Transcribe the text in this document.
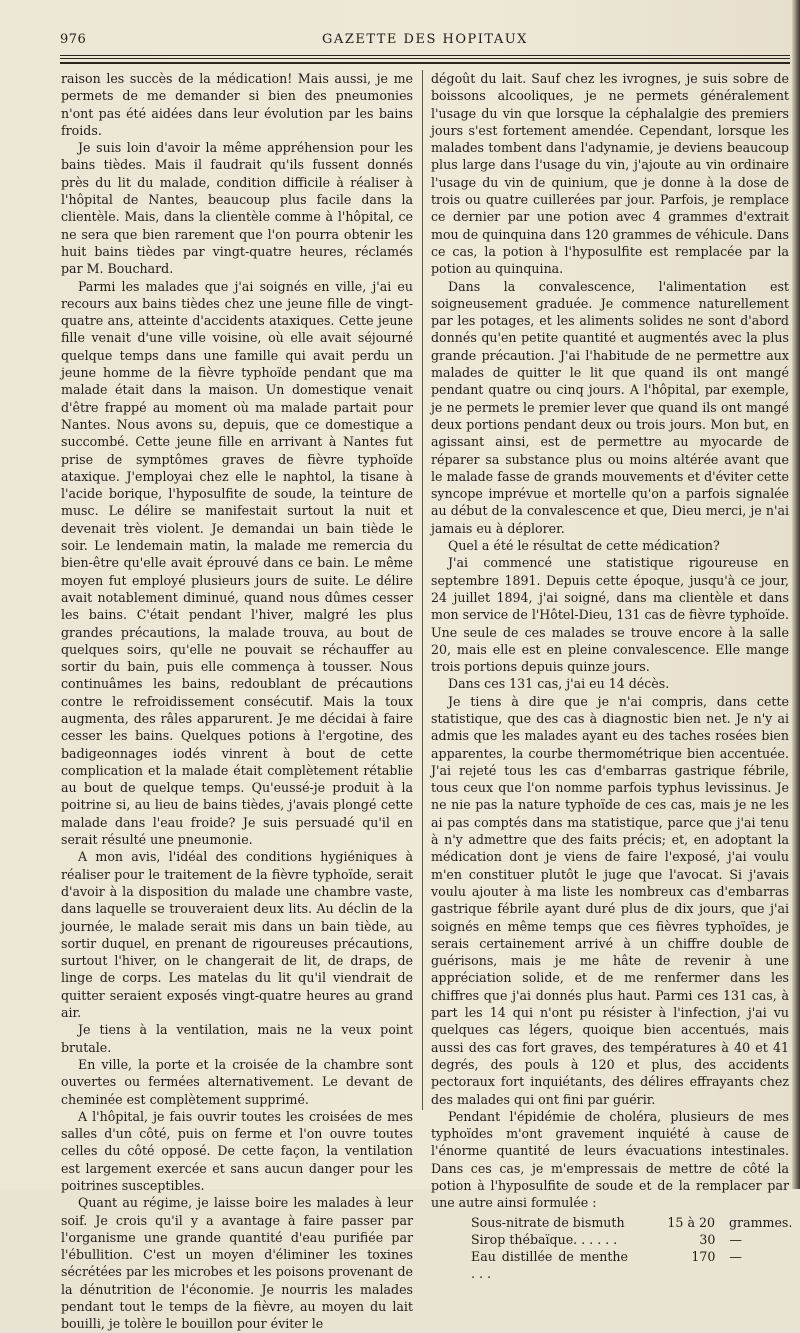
976	GAZETTE DES HOPITAUX

raison les succès de la médication! Mais aussi, je me permets de me demander si bien des pneumonies n'ont pas été aidées dans leur évolution par les bains froids.

Je suis loin d'avoir la même appréhension pour les bains tièdes. Mais il faudrait qu'ils fussent donnés près du lit du malade, condition difficile à réaliser à l'hôpital de Nantes, beaucoup plus facile dans la clientèle. Mais, dans la clientèle comme à l'hôpital, ce ne sera que bien rarement que l'on pourra obtenir les huit bains tièdes par vingt-quatre heures, réclamés par M. Bouchard.

Parmi les malades que j'ai soignés en ville, j'ai eu recours aux bains tièdes chez une jeune fille de vingt-quatre ans, atteinte d'accidents ataxiques. Cette jeune fille venait d'une ville voisine, où elle avait séjourné quelque temps dans une famille qui avait perdu un jeune homme de la fièvre typhoïde pendant que ma malade était dans la maison. Un domestique venait d'être frappé au moment où ma malade partait pour Nantes. Nous avons su, depuis, que ce domestique a succombé. Cette jeune fille en arrivant à Nantes fut prise de symptômes graves de fièvre typhoïde ataxique. J'employai chez elle le naphtol, la tisane à l'acide borique, l'hyposulfite de soude, la teinture de musc. Le délire se manifestait surtout la nuit et devenait très violent. Je demandai un bain tiède le soir. Le lendemain matin, la malade me remercia du bien-être qu'elle avait éprouvé dans ce bain. Le même moyen fut employé plusieurs jours de suite. Le délire avait notablement diminué, quand nous dûmes cesser les bains. C'était pendant l'hiver, malgré les plus grandes précautions, la malade trouva, au bout de quelques soirs, qu'elle ne pouvait se réchauffer au sortir du bain, puis elle commença à tousser. Nous continuâmes les bains, redoublant de précautions contre le refroidissement consécutif. Mais la toux augmenta, des râles apparurent. Je me décidai à faire cesser les bains. Quelques potions à l'ergotine, des badigeonnages iodés vinrent à bout de cette complication et la malade était complètement rétablie au bout de quelque temps. Qu'eussé-je produit à la poitrine si, au lieu de bains tièdes, j'avais plongé cette malade dans l'eau froide? Je suis persuadé qu'il en serait résulté une pneumonie.

A mon avis, l'idéal des conditions hygiéniques à réaliser pour le traitement de la fièvre typhoïde, serait d'avoir à la disposition du malade une chambre vaste, dans laquelle se trouveraient deux lits. Au déclin de la journée, le malade serait mis dans un bain tiède, au sortir duquel, en prenant de rigoureuses précautions, surtout l'hiver, on le changerait de lit, de draps, de linge de corps. Les matelas du lit qu'il viendrait de quitter seraient exposés vingt-quatre heures au grand air.

Je tiens à la ventilation, mais ne la veux point brutale.

En ville, la porte et la croisée de la chambre sont ouvertes ou fermées alternativement. Le devant de cheminée est complètement supprimé.

A l'hôpital, je fais ouvrir toutes les croisées de mes salles d'un côté, puis on ferme et l'on ouvre toutes celles du côté opposé. De cette façon, la ventilation est largement exercée et sans aucun danger pour les poitrines susceptibles.

Quant au régime, je laisse boire les malades à leur soif. Je crois qu'il y a avantage à faire passer par l'organisme une grande quantité d'eau purifiée par l'ébullition. C'est un moyen d'éliminer les toxines sécrétées par les microbes et les poisons provenant de la dénutrition de l'économie. Je nourris les malades pendant tout le temps de la fièvre, au moyen du lait bouilli, je tolère le bouillon pour éviter le

dégoût du lait. Sauf chez les ivrognes, je suis sobre de boissons alcooliques, je ne permets généralement l'usage du vin que lorsque la céphalalgie des premiers jours s'est fortement amendée. Cependant, lorsque les malades tombent dans l'adynamie, je deviens beaucoup plus large dans l'usage du vin, j'ajoute au vin ordinaire l'usage du vin de quinium, que je donne à la dose de trois ou quatre cuillerées par jour. Parfois, je remplace ce dernier par une potion avec 4 grammes d'extrait mou de quinquina dans 120 grammes de véhicule. Dans ce cas, la potion à l'hyposulfite est remplacée par la potion au quinquina.

Dans la convalescence, l'alimentation est soigneusement graduée. Je commence naturellement par les potages, et les aliments solides ne sont d'abord donnés qu'en petite quantité et augmentés avec la plus grande précaution. J'ai l'habitude de ne permettre aux malades de quitter le lit que quand ils ont mangé pendant quatre ou cinq jours. A l'hôpital, par exemple, je ne permets le premier lever que quand ils ont mangé deux portions pendant deux ou trois jours. Mon but, en agissant ainsi, est de permettre au myocarde de réparer sa substance plus ou moins altérée avant que le malade fasse de grands mouvements et d'éviter cette syncope imprévue et mortelle qu'on a parfois signalée au début de la convalescence et que, Dieu merci, je n'ai jamais eu à déplorer.

Quel a été le résultat de cette médication?

J'ai commencé une statistique rigoureuse en septembre 1891. Depuis cette époque, jusqu'à ce jour, 24 juillet 1894, j'ai soigné, dans ma clientèle et dans mon service de l'Hôtel-Dieu, 131 cas de fièvre typhoïde. Une seule de ces malades se trouve encore à la salle 20, mais elle est en pleine convalescence. Elle mange trois portions depuis quinze jours.

Dans ces 131 cas, j'ai eu 14 décès.

Je tiens à dire que je n'ai compris, dans cette statistique, que des cas à diagnostic bien net. Je n'y ai admis que les malades ayant eu des taches rosées bien apparentes, la courbe thermométrique bien accentuée. J'ai rejeté tous les cas d'embarras gastrique fébrile, tous ceux que l'on nomme parfois typhus levissinus. Je ne nie pas la nature typhoïde de ces cas, mais je ne les ai pas comptés dans ma statistique, parce que j'ai tenu à n'y admettre que des faits précis; et, en adoptant la médication dont je viens de faire l'exposé, j'ai voulu m'en constituer plutôt le juge que l'avocat. Si j'avais voulu ajouter à ma liste les nombreux cas d'embarras gastrique fébrile ayant duré plus de dix jours, que j'ai soignés en même temps que ces fièvres typhoïdes, je serais certainement arrivé à un chiffre double de guérisons, mais je me hâte de revenir à une appréciation solide, et de me renfermer dans les chiffres que j'ai donnés plus haut. Parmi ces 131 cas, à part les 14 qui n'ont pu résister à l'infection, j'ai vu quelques cas légers, quoique bien accentués, mais aussi des cas fort graves, des températures à 40 et 41 degrés, des pouls à 120 et plus, des accidents pectoraux fort inquiétants, des délires effrayants chez des malades qui ont fini par guérir.

Pendant l'épidémie de choléra, plusieurs de mes typhoïdes m'ont gravement inquiété à cause de l'énorme quantité de leurs évacuations intestinales. Dans ces cas, je m'empressais de mettre de côté la potion à l'hyposulfite de soude et de la remplacer par une autre ainsi formulée :

Sous-nitrate de bismuth	15 à 20	grammes.
Sirop thébaïque. . . . . .	30	—
Eau distillée de menthe . . .
170	—
